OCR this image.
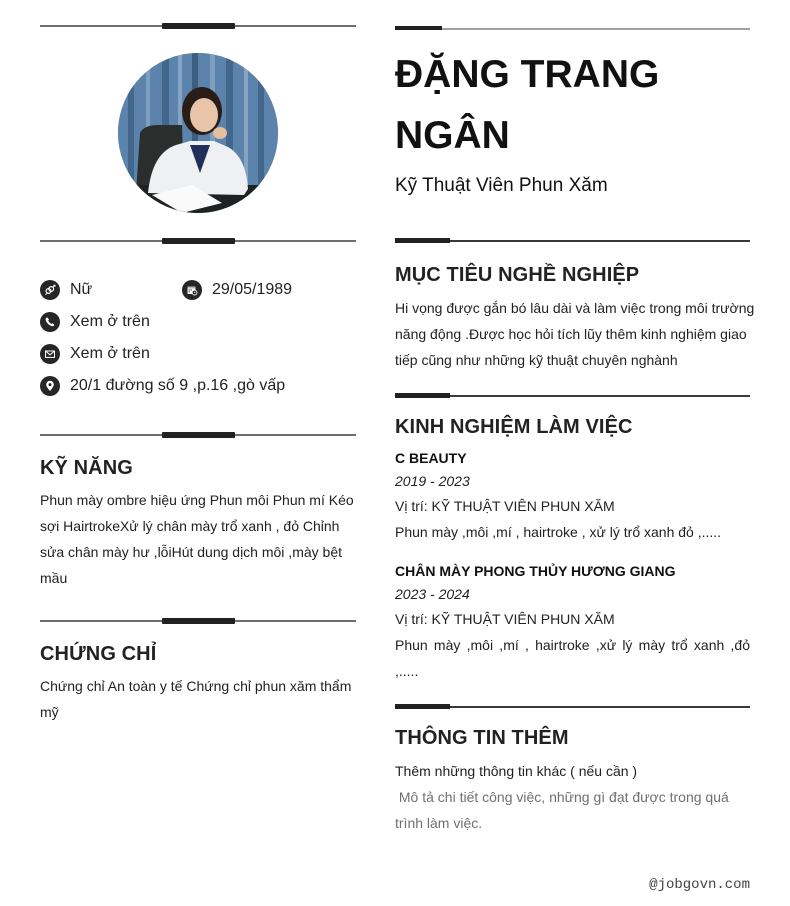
Nữ	29/05/1989
Xem ở trên
Xem ở trên
20/1 đường số 9 ,p.16 ,gò vấp
KỸ NĂNG
Phun mày ombre hiệu ứng Phun môi Phun mí Kéo sợi HairtrokeXử lý chân mày trổ xanh , đỏ Chỉnh sửa chân mày hư ,lỗiHút dung dịch môi ,mày bệt mầu
CHỨNG CHỈ
Chứng chỉ An toàn y tế Chứng chỉ phun xăm thẩm mỹ
ĐẶNG TRANG NGÂN
Kỹ Thuật Viên Phun Xăm
MỤC TIÊU NGHỀ NGHIỆP
Hi vọng được gắn bó lâu dài và làm việc trong môi trường năng động .Được học hỏi tích lũy thêm kinh nghiệm giao tiếp cũng như những kỹ thuật chuyên nghành
KINH NGHIỆM LÀM VIỆC
C BEAUTY
2019 - 2023
Vị trí: KỸ THUẬT VIÊN PHUN XĂM
Phun mày ,môi ,mí , hairtroke , xử lý trổ xanh đỏ ,.....
CHÂN MÀY PHONG THỦY HƯƠNG GIANG
2023 - 2024
Vị trí: KỸ THUẬT VIÊN PHUN XĂM
Phun mày ,môi ,mí , hairtroke ,xử lý mày trổ xanh ,đỏ ,.....
THÔNG TIN THÊM
Thêm những thông tin khác ( nếu cần )
Mô tả chi tiết công việc, những gì đạt được trong quá trình làm việc.
@jobgovn.com
